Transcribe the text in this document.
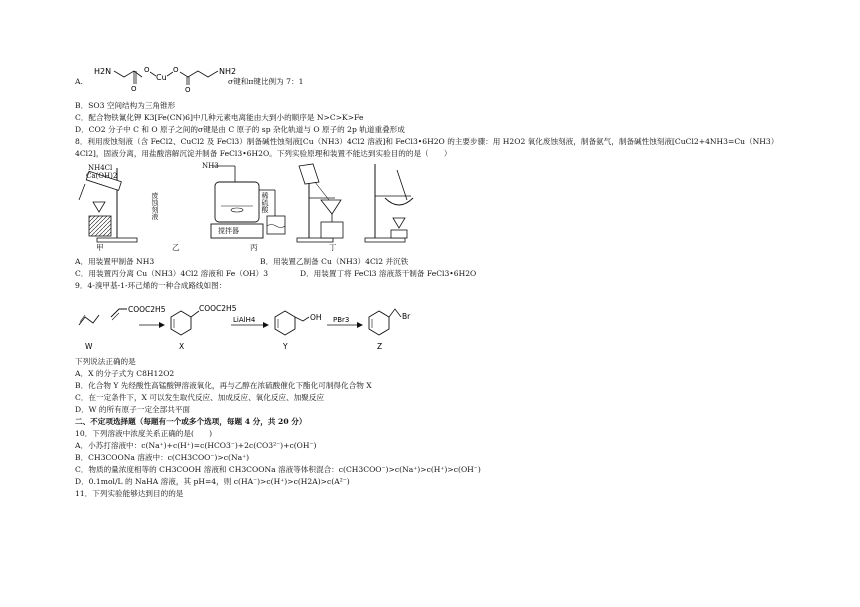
A.
H2N
O
O
Cu
O
O
NH2
σ键和π键比例为 7：1
B．SO3 空间结构为三角锥形
C．配合物铁氰化钾 K3[Fe(CN)6]中几种元素电离能由大到小的顺序是 N>C>K>Fe
D．CO2 分子中 C 和 O 原子之间的σ键是由 C 原子的 sp 杂化轨道与 O 原子的 2p 轨道重叠形成
8．利用废蚀刻液（含 FeCl2、CuCl2 及 FeCl3）制备碱性蚀刻液[Cu（NH3）4Cl2 溶液]和 FeCl3•6H2O 的主要步骤：用 H2O2 氧化废蚀刻液，制备氨气，制备碱性蚀刻液[CuCl2+4NH3=Cu（NH3）
4Cl2]，固液分离，用盐酸溶解沉淀并制备 FeCl3•6H2O。下列实验原理和装置不能达到实验目的的是（　　）
NH4Cl
Ca(OH)2
NH3
废蚀刻液	稀硫酸
搅拌器
甲	乙	丙	丁
A．用装置甲制备 NH3	B．用装置乙制备 Cu（NH3）4Cl2 并沉铁
C．用装置丙分离 Cu（NH3）4Cl2 溶液和 Fe（OH）3	D．用装置丁将 FeCl3 溶液蒸干制备 FeCl3•6H2O
9．4-溴甲基-1-环己烯的一种合成路线如图：
COOC2H5	COOC2H5
LiAlH4	OH PBr3	Br
W	X	Y	Z
下列说法正确的是
A．X 的分子式为 C8H12O2
B．化合物 Y 先经酸性高锰酸钾溶液氧化，再与乙醇在浓硫酸催化下酯化可制得化合物 X
C．在一定条件下，X 可以发生取代反应、加成反应、氧化反应、加聚反应
D．W 的所有原子一定全部共平面
二、不定项选择题（每题有一个或多个选项，每题 4 分，共 20 分）
10．下列溶液中浓度关系正确的是(　　)
A．小苏打溶液中：c(Na⁺)+c(H⁺)=c(HCO3⁻)+2c(CO3²⁻)+c(OH⁻)
B．CH3COONa 溶液中：c(CH3COO⁻)>c(Na⁺)
C．物质的量浓度相等的 CH3COOH 溶液和 CH3COONa 溶液等体积混合：c(CH3COO⁻)>c(Na⁺)>c(H⁺)>c(OH⁻)
D．0.1mol/L 的 NaHA 溶液，其 pH=4，则 c(HA⁻)>c(H⁺)>c(H2A)>c(A²⁻)
11．下列实验能够达到目的的是
